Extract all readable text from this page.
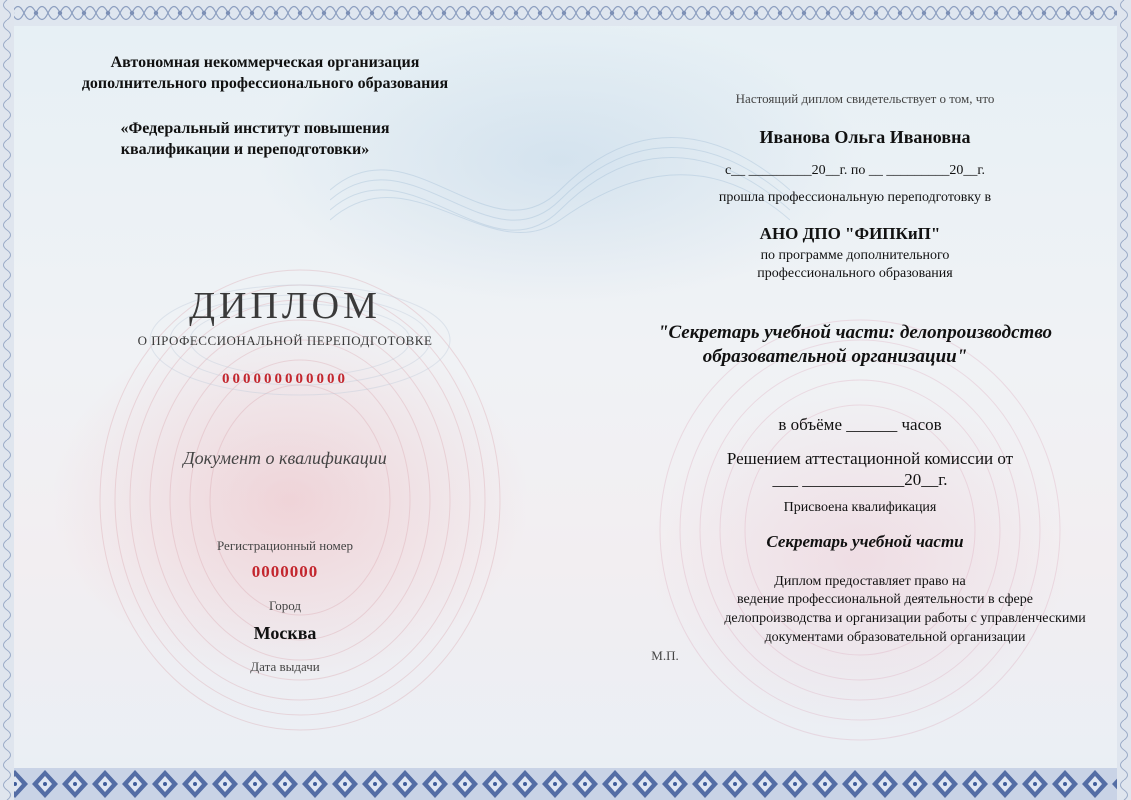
Автономная некоммерческая организация
дополнительного профессионального образования
«Федеральный институт повышения
квалификации и переподготовки»
ДИПЛОМ
О ПРОФЕССИОНАЛЬНОЙ ПЕРЕПОДГОТОВКЕ
000000000000
Документ о квалификации
Регистрационный номер
0000000
Город
Москва
Дата выдачи
Настоящий диплом свидетельствует о том, что
Иванова Ольга Ивановна
с__ _________20__г. по __ _________20__г.
прошла профессиональную переподготовку в
АНО ДПО "ФИПКиП"
по программе дополнительного
профессионального образования
"Секретарь учебной части: делопроизводство
образовательной организации"
в объёме ______ часов
Решением аттестационной комиссии от
___ ____________20__г.
Присвоена квалификация
Секретарь учебной части
Диплом предоставляет право на
ведение профессиональной деятельности в сфере
делопроизводства и организации работы с управленческими
документами образовательной организации
М.П.
